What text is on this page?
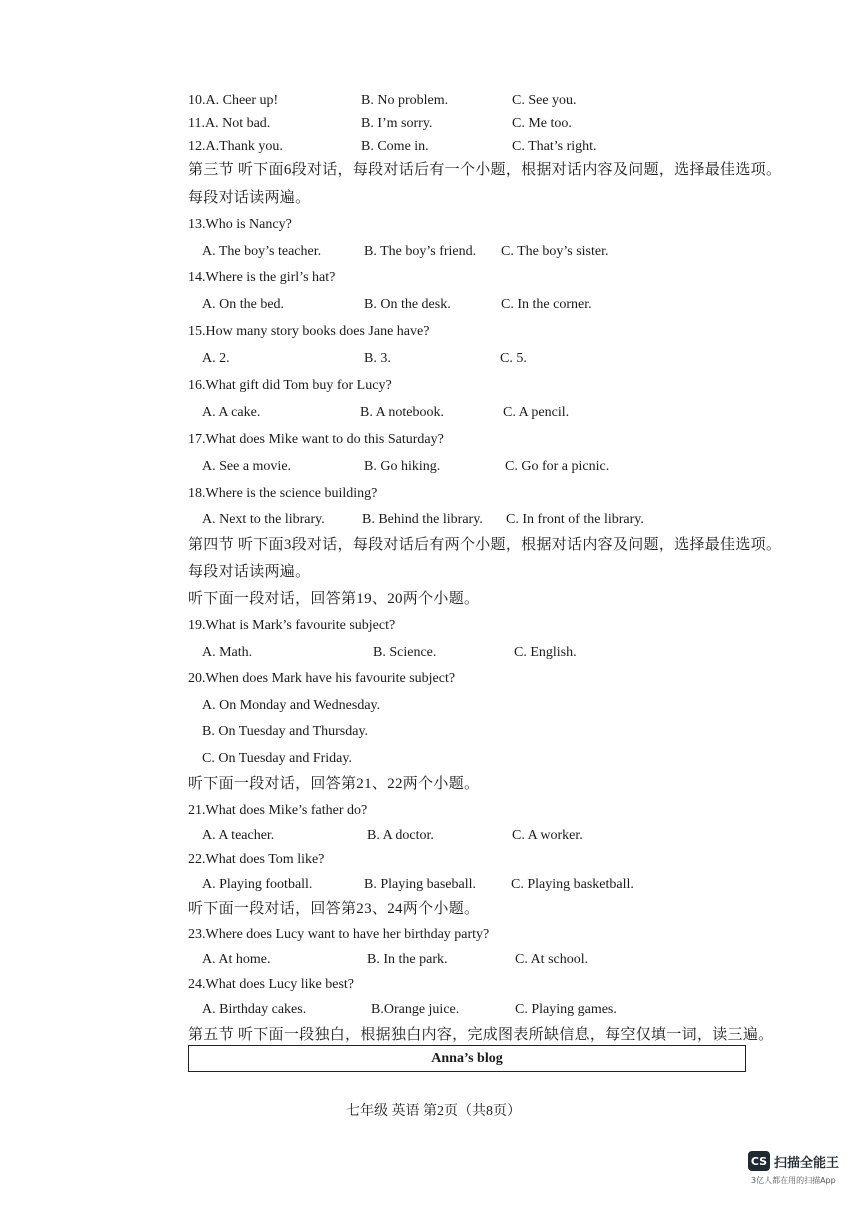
10.A. Cheer up!	B. No problem.	C. See you.
11.A. Not bad.	B. I’m sorry.	C. Me too.
12.A.Thank you.	B. Come in.	C. That’s right.
第三节 听下面6段对话，每段对话后有一个小题，根据对话内容及问题，选择最佳选项。
每段对话读两遍。
13.Who is Nancy?
A. The boy’s teacher.	B. The boy’s friend. C. The boy’s sister.
14.Where is the girl’s hat?
A. On the bed.	B. On the desk.	C. In the corner.
15.How many story books does Jane have?
A. 2.	B. 3.	C. 5.
16.What gift did Tom buy for Lucy?
A. A cake.	B. A notebook.	C. A pencil.
17.What does Mike want to do this Saturday?
A. See a movie.	B. Go hiking.	C. Go for a picnic.
18.Where is the science building?
A. Next to the library.	B. Behind the library. C. In front of the library.
第四节 听下面3段对话，每段对话后有两个小题，根据对话内容及问题，选择最佳选项。
每段对话读两遍。
听下面一段对话，回答第19、20两个小题。
19.What is Mark’s favourite subject?
A. Math.	B. Science.	C. English.
20.When does Mark have his favourite subject?
A. On Monday and Wednesday.
B. On Tuesday and Thursday.
C. On Tuesday and Friday.
听下面一段对话，回答第21、22两个小题。
21.What does Mike’s father do?
A. A teacher.	B. A doctor.	C. A worker.
22.What does Tom like?
A. Playing football.	B. Playing baseball.	C. Playing basketball.
听下面一段对话，回答第23、24两个小题。
23.Where does Lucy want to have her birthday party?
A. At home.	B. In the park.	C. At school.
24.What does Lucy like best?
A. Birthday cakes.	B.Orange juice.	C. Playing games.
第五节 听下面一段独白，根据独白内容，完成图表所缺信息，每空仅填一词，读三遍。
Anna’s blog
七年级 英语 第2页（共8页）
CS 扫描全能王
3亿人都在用的扫描App
